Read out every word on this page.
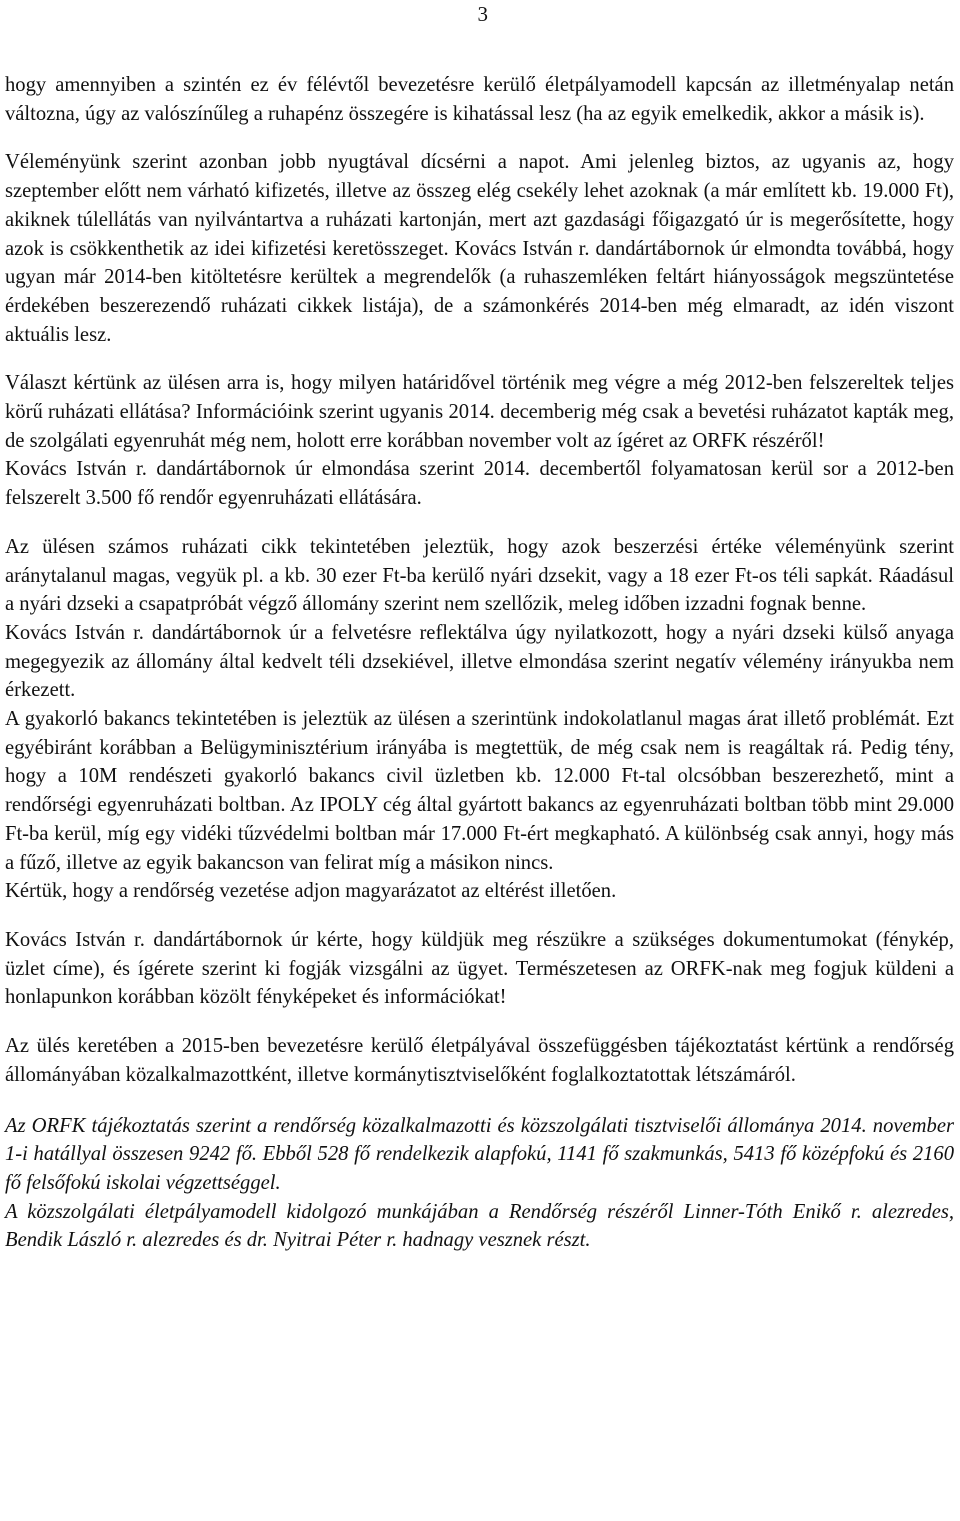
3

hogy amennyiben a szintén ez év félévtől bevezetésre kerülő életpályamodell kapcsán az illetményalap netán változna, úgy az valószínűleg a ruhapénz összegére is kihatással lesz (ha az egyik emelkedik, akkor a másik is).

Véleményünk szerint azonban jobb nyugtával dícsérni a napot. Ami jelenleg biztos, az ugyanis az, hogy szeptember előtt nem várható kifizetés, illetve az összeg elég csekély lehet azoknak (a már említett kb. 19.000 Ft), akiknek túlellátás van nyilvántartva a ruházati kartonján, mert azt gazdasági főigazgató úr is megerősítette, hogy azok is csökkenthetik az idei kifizetési keretösszeget. Kovács István r. dandártábornok úr elmondta továbbá, hogy ugyan már 2014-ben kitöltetésre kerültek a megrendelők (a ruhaszemléken feltárt hiányosságok megszüntetése érdekében beszerezendő ruházati cikkek listája), de a számonkérés 2014-ben még elmaradt, az idén viszont aktuális lesz.

Választ kértünk az ülésen arra is, hogy milyen határidővel történik meg végre a még 2012-ben felszereltek teljes körű ruházati ellátása? Információink szerint ugyanis 2014. decemberig még csak a bevetési ruházatot kapták meg, de szolgálati egyenruhát még nem, holott erre korábban november volt az ígéret az ORFK részéről!

Kovács István r. dandártábornok úr elmondása szerint 2014. decembertől folyamatosan kerül sor a 2012-ben felszerelt 3.500 fő rendőr egyenruházati ellátására.

Az ülésen számos ruházati cikk tekintetében jeleztük, hogy azok beszerzési értéke véleményünk szerint aránytalanul magas, vegyük pl. a kb. 30 ezer Ft-ba kerülő nyári dzsekit, vagy a 18 ezer Ft-os téli sapkát. Ráadásul a nyári dzseki a csapatpróbát végző állomány szerint nem szellőzik, meleg időben izzadni fognak benne.

Kovács István r. dandártábornok úr a felvetésre reflektálva úgy nyilatkozott, hogy a nyári dzseki külső anyaga megegyezik az állomány által kedvelt téli dzsekiével, illetve elmondása szerint negatív vélemény irányukba nem érkezett.

A gyakorló bakancs tekintetében is jeleztük az ülésen a szerintünk indokolatlanul magas árat illető problémát. Ezt egyébiránt korábban a Belügyminisztérium irányába is megtettük, de még csak nem is reagáltak rá. Pedig tény, hogy a 10M rendészeti gyakorló bakancs civil üzletben kb. 12.000 Ft-tal olcsóbban beszerezhető, mint a rendőrségi egyenruházati boltban. Az IPOLY cég által gyártott bakancs az egyenruházati boltban több mint 29.000 Ft-ba kerül, míg egy vidéki tűzvédelmi boltban már 17.000 Ft-ért megkapható. A különbség csak annyi, hogy más a fűző, illetve az egyik bakancson van felirat míg a másikon nincs.

Kértük, hogy a rendőrség vezetése adjon magyarázatot az eltérést illetően.

Kovács István r. dandártábornok úr kérte, hogy küldjük meg részükre a szükséges dokumentumokat (fénykép, üzlet címe), és ígérete szerint ki fogják vizsgálni az ügyet. Természetesen az ORFK-nak meg fogjuk küldeni a honlapunkon korábban közölt fényképeket és információkat!

Az ülés keretében a 2015-ben bevezetésre kerülő életpályával összefüggésben tájékoztatást kértünk a rendőrség állományában közalkalmazottként, illetve kormánytisztviselőként foglalkoztatottak létszámáról.

Az ORFK tájékoztatás szerint a rendőrség közalkalmazotti és közszolgálati tisztviselői állománya 2014. november 1-i hatállyal összesen 9242 fő. Ebből 528 fő rendelkezik alapfokú, 1141 fő szakmunkás, 5413 fő középfokú és 2160 fő felsőfokú iskolai végzettséggel.

A közszolgálati életpályamodell kidolgozó munkájában a Rendőrség részéről Linner-Tóth Enikő r. alezredes, Bendik László r. alezredes és dr. Nyitrai Péter r. hadnagy vesznek részt.
